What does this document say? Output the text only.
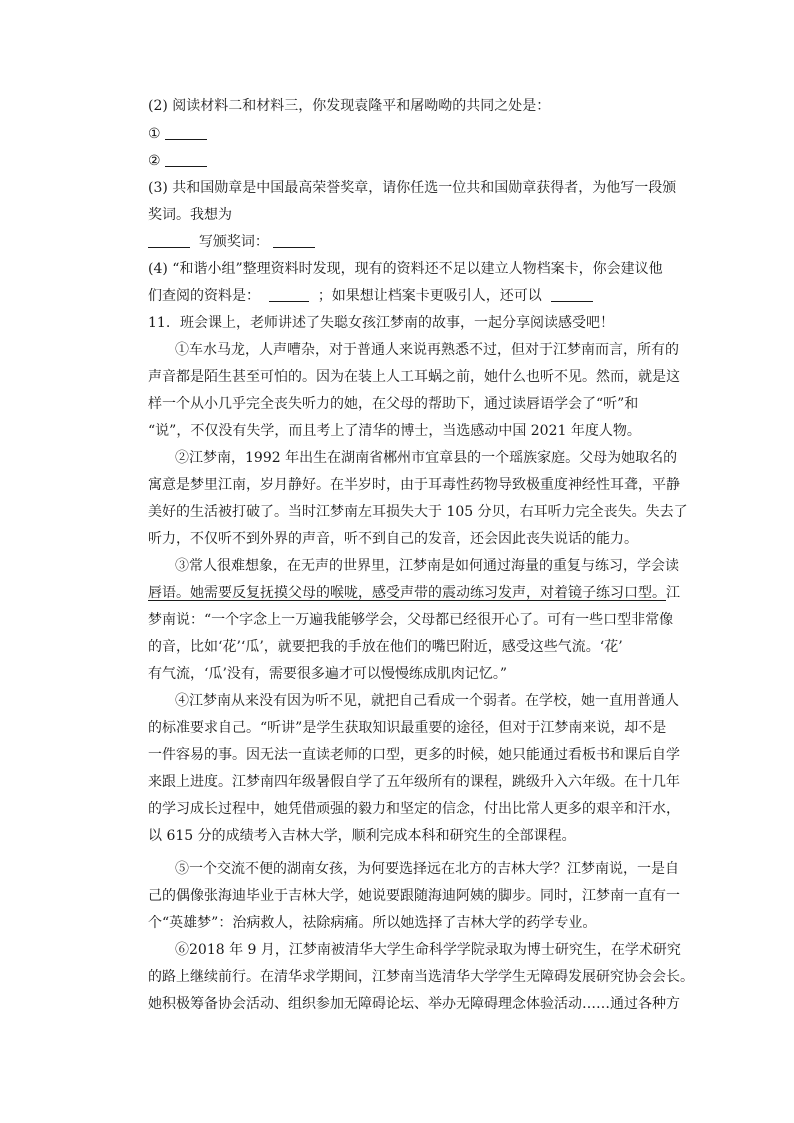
(2) 阅读材料二和材料三，你发现袁隆平和屠呦呦的共同之处是：
①
②
(3) 共和国勋章是中国最高荣誉奖章，请你任选一位共和国勋章获得者，为他写一段颁
奖词。我想为
写颁奖词：
(4) “和谐小组”整理资料时发现，现有的资料还不足以建立人物档案卡，你会建议他
们查阅的资料是：	；如果想让档案卡更吸引人，还可以
11. 班会课上，老师讲述了失聪女孩江梦南的故事，一起分享阅读感受吧！
①车水马龙，人声嘈杂，对于普通人来说再熟悉不过，但对于江梦南而言，所有的
声音都是陌生甚至可怕的。因为在装上人工耳蜗之前，她什么也听不见。然而，就是这
样一个从小几乎完全丧失听力的她，在父母的帮助下，通过读唇语学会了“听”和
“说”，不仅没有失学，而且考上了清华的博士，当选感动中国 2021 年度人物。
②江梦南，1992 年出生在湖南省郴州市宜章县的一个瑶族家庭。父母为她取名的
寓意是梦里江南，岁月静好。在半岁时，由于耳毒性药物导致极重度神经性耳聋，平静
美好的生活被打破了。当时江梦南左耳损失大于 105 分贝，右耳听力完全丧失。失去了
听力，不仅听不到外界的声音，听不到自己的发音，还会因此丧失说话的能力。
③常人很难想象，在无声的世界里，江梦南是如何通过海量的重复与练习，学会读
唇语。她需要反复抚摸父母的喉咙，感受声带的震动练习发声，对着镜子练习口型。江
梦南说：“一个字念上一万遍我能够学会，父母都已经很开心了。可有一些口型非常像
的音，比如‘花’‘瓜’，就要把我的手放在他们的嘴巴附近，感受这些气流。‘花’
有气流，‘瓜’没有，需要很多遍才可以慢慢练成肌肉记忆。”
④江梦南从来没有因为听不见，就把自己看成一个弱者。在学校，她一直用普通人
的标准要求自己。“听讲”是学生获取知识最重要的途径，但对于江梦南来说，却不是
一件容易的事。因无法一直读老师的口型，更多的时候，她只能通过看板书和课后自学
来跟上进度。江梦南四年级暑假自学了五年级所有的课程，跳级升入六年级。在十几年
的学习成长过程中，她凭借顽强的毅力和坚定的信念，付出比常人更多的艰辛和汗水，
以 615 分的成绩考入吉林大学，顺利完成本科和研究生的全部课程。
⑤一个交流不便的湖南女孩，为何要选择远在北方的吉林大学？江梦南说，一是自
己的偶像张海迪毕业于吉林大学，她说要跟随海迪阿姨的脚步。同时，江梦南一直有一
个“英雄梦”：治病救人，祛除病痛。所以她选择了吉林大学的药学专业。
⑥2018 年 9 月，江梦南被清华大学生命科学学院录取为博士研究生，在学术研究
的路上继续前行。在清华求学期间，江梦南当选清华大学学生无障碍发展研究协会会长。
她积极筹备协会活动、组织参加无障碍论坛、举办无障碍理念体验活动……通过各种方
